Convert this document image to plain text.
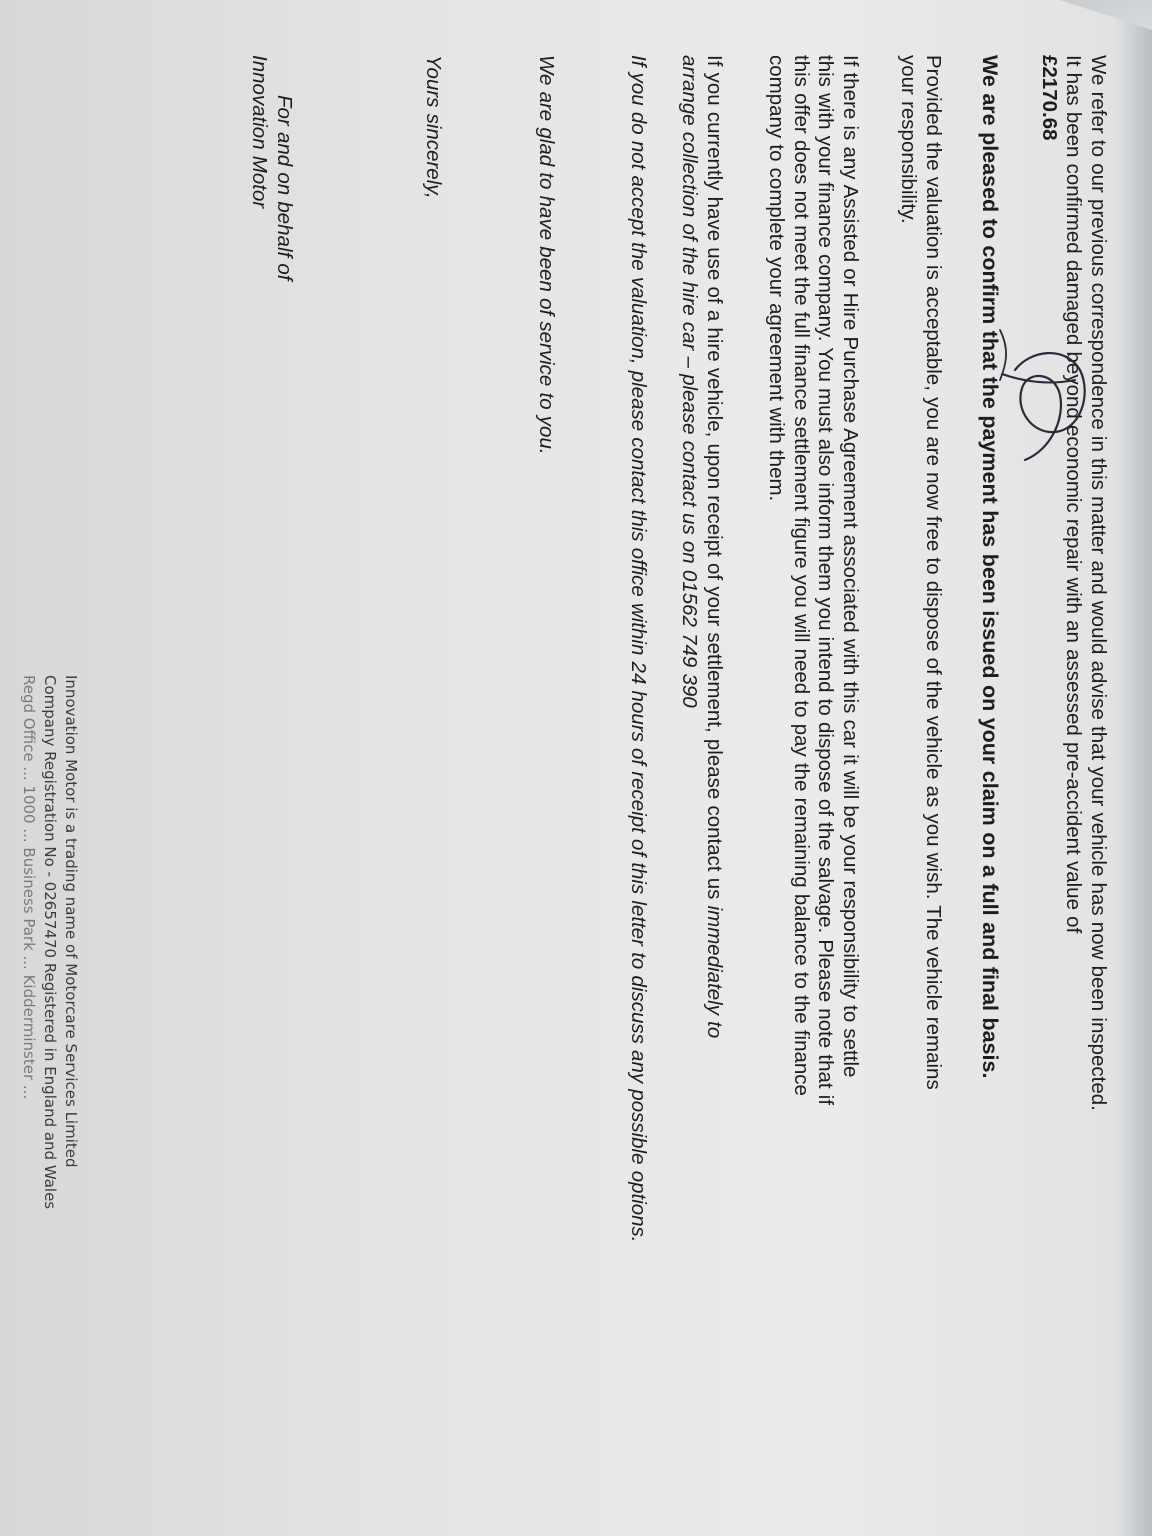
We refer to our previous correspondence in this matter and would advise that your vehicle has now been inspected. It has been confirmed damaged beyond economic repair with an assessed pre-accident value of

£2170.68

We are pleased to confirm that the payment has been issued on your claim on a full and final basis.

Provided the valuation is acceptable, you are now free to dispose of the vehicle as you wish. The vehicle remains your responsibility.

If there is any Assisted or Hire Purchase Agreement associated with this car it will be your responsibility to settle this with your finance company. You must also inform them you intend to dispose of the salvage. Please note that if this offer does not meet the full finance settlement figure you will need to pay the remaining balance to the finance company to complete your agreement with them.

If you currently have use of a hire vehicle, upon receipt of your settlement, please contact us immediately to arrange collection of the hire car – please contact us on 01562 749 390

If you do not accept the valuation, please contact this office within 24 hours of receipt of this letter to discuss any possible options.

We are glad to have been of service to you.

Yours sincerely,

For and on behalf of

Innovation Motor

Innovation Motor is a trading name of Motorcare Services Limited

Company Registration No - 02657470 Registered in England and Wales

Regd Office ... 1000 ... Business Park ... Kidderminster ...
